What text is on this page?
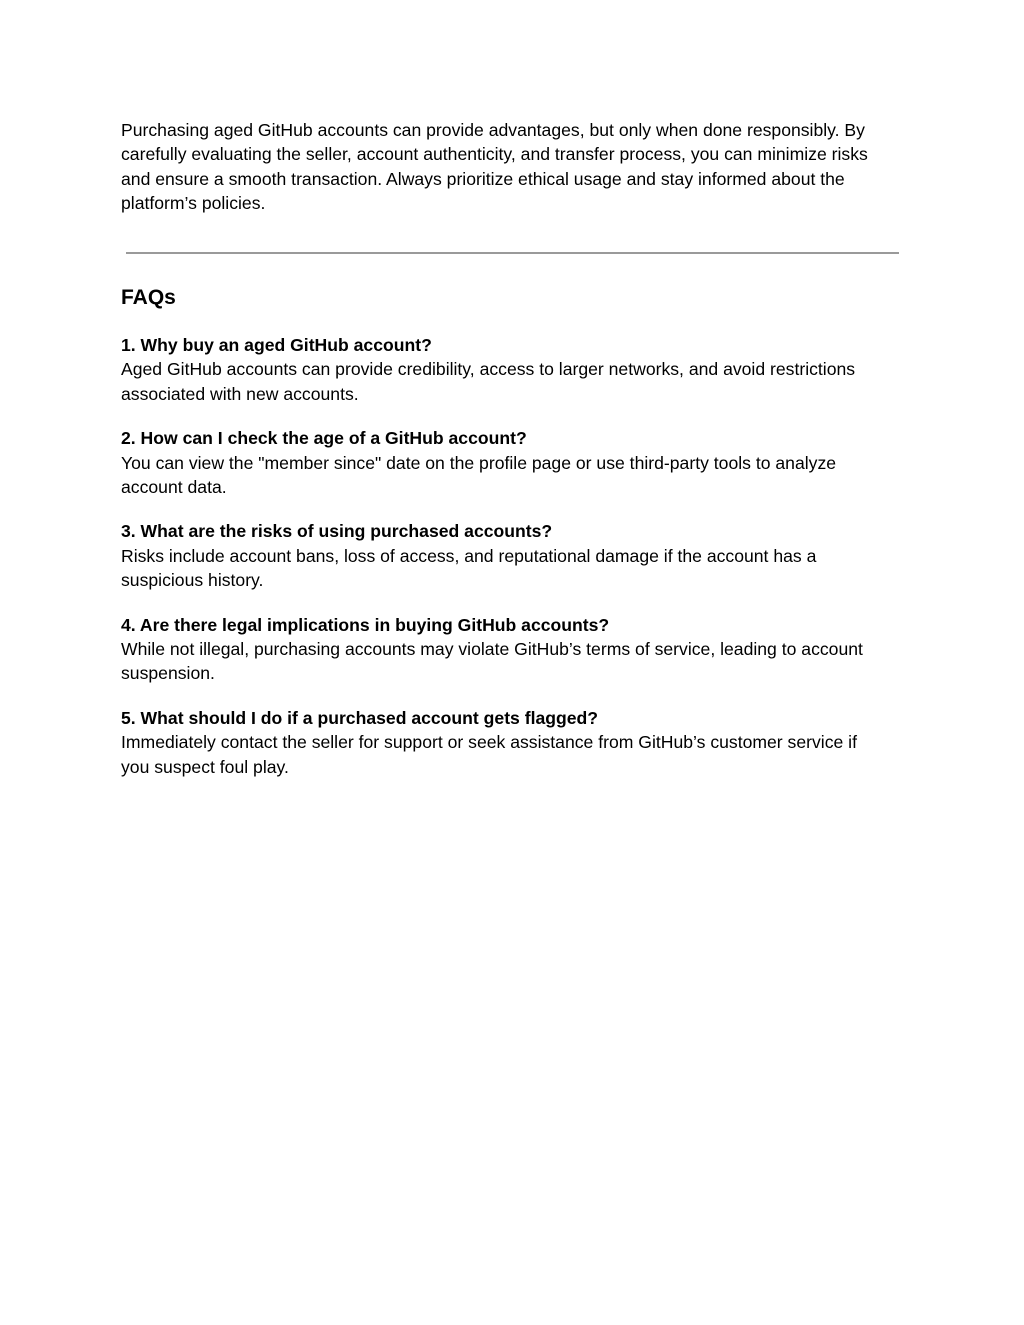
Purchasing aged GitHub accounts can provide advantages, but only when done responsibly. By
carefully evaluating the seller, account authenticity, and transfer process, you can minimize risks
and ensure a smooth transaction. Always prioritize ethical usage and stay informed about the
platform’s policies.

FAQs

1. Why buy an aged GitHub account?

Aged GitHub accounts can provide credibility, access to larger networks, and avoid restrictions
associated with new accounts.

2. How can I check the age of a GitHub account?

You can view the "member since" date on the profile page or use third-party tools to analyze
account data.

3. What are the risks of using purchased accounts?

Risks include account bans, loss of access, and reputational damage if the account has a
suspicious history.

4. Are there legal implications in buying GitHub accounts?

While not illegal, purchasing accounts may violate GitHub’s terms of service, leading to account
suspension.

5. What should I do if a purchased account gets flagged?

Immediately contact the seller for support or seek assistance from GitHub’s customer service if
you suspect foul play.
